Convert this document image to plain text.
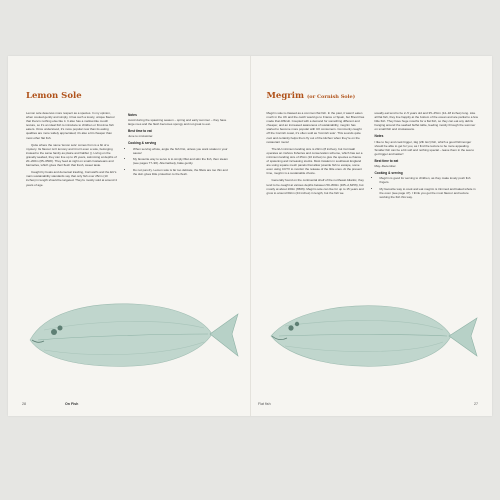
Lemon Sole

Lemon sole deserves more respect as a species. In my opinion, when cooked gently and simply, it has such a lovely, unique flavour that there's nothing else like it. It also has a mellow-like mouth texture, so it's an ideal fish to introduce to children or first-time fish eaters. Once understood, it's more popular now than its eating qualities are more widely appreciated; it's also a bit cheaper than most other flat fish.

Quite where the name 'lemon sole' comes from is a bit of a mystery. Its flavour isn't lemony and it isn't even a sole, belonging instead to the same family as plaice and halibut (). Living on the gravelly seabed, they can live up to 25 years, swimming at depths of 20–200m (65–650ft). They feed at night on small crustaceans and barnacles, which gives their flesh that fresh, sweet taste.

Caught by boats and demersal trawling, Cornwall's and the EU's main sustainability standards say that only fish over 25cm (10 inches) in length should be targeted. They're mostly sold at around 4 years of age.

Notes

Avoid during the spawning season – spring and early summer – they have large roes and the flesh becomes spongy and not great to eat.

Best time to eat

June to mid-winter.

Cooking & serving
• When serving whole, angle the fish first, unless you want scales in your sauce!
• My favourite way to serve is to simply fillet and skin the fish, then steam (see pages 77–90). Alternatively, bake gently.
• Do not pan-fry. Lemon sole is far too delicate, the fillets are too thin and the skin gives little protection to the flesh.
28	On Fish
Megrim (or Cornish Sole)

Megrim sole is classed as a common flat fish. In the past, it wasn't eaten much in the UK and the catch would go to France or Spain, but Brexit has made that difficult. Coupled with a demand for something different and cheaper, and an increased awareness of sustainability, megrim has started to become more popular with UK consumers. Commonly caught off the Cornish coast, it's often sold as 'Cornish sole'. This sounds quite cool and certainly helps them fly out of the kitchen when they're on the restaurant menu!

The EU minimum landing size is 20cm (8 inches), but Cornwall operates an inshore fisheries and conservation scheme, which has set a minimum landing size of 25cm (10 inches) to give the species a chance of spawning and increasing stocks. Most trawlers in southwest England are using square mesh panels that allow juvenile fish to escape, some even using CCTV to monitor the release of the little ones. At the present time, megrim is a sustainable choice.

Generally found on the continental shelf of the northeast Atlantic, they tend to be caught at various depths between 50–800m (165–2,625ft), but mostly at about 200m (650ft). Megrim sole can live for up to 15 years and grow to around 60cm (24 inches) in length, but the fish we

usually eat tend to be 2–5 years old and 35–45cm (14–18 inches) long. Like all flat fish, they live happily at the bottom of the ocean and are partial to a few little fish. They have huge mouths for a flat fish, so they can eat any debris hanging around the seabed buffet table, feeding mostly through the summer on small fish and crustaceans.

Notes

I like to buy and cook bigger, 1kg (2lb 4oz) fish, which a good fishmonger should be able to get for you, as I find the texture to be more appealing. Smaller fish can be a bit soft and nothing special – leave them in the sea to get bigger and tastier!

Best time to eat

May–December.

Cooking & serving
• Megrim is good for serving to children, as they make lovely posh fish fingers.
• My favourite way to cook and eat megrim is trimmed and baked whole in the oven (see page 47). I think you get the most flavour and texture working the fish this way.
Flat fish	27
